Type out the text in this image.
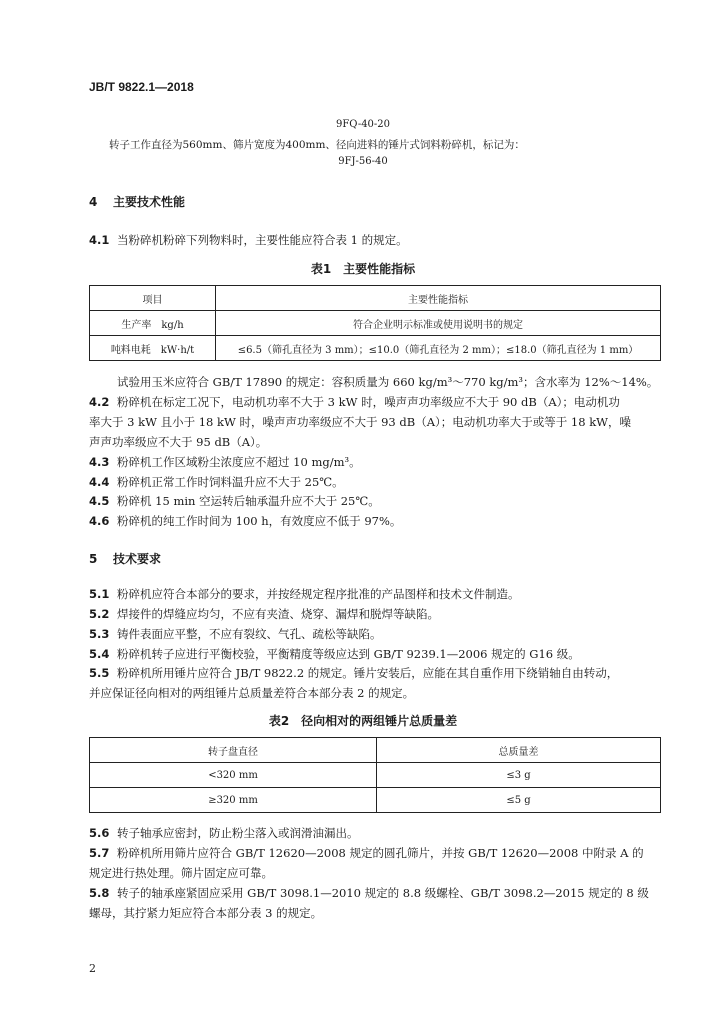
JB/T 9822.1—2018
9FQ-40-20
转子工作直径为560mm、筛片宽度为400mm、径向进料的锤片式饲料粉碎机，标记为：
9FJ-56-40
4 主要技术性能
4.1 当粉碎机粉碎下列物料时，主要性能应符合表 1 的规定。
表1　主要性能指标
项目	主要性能指标
生产率　kg/h	符合企业明示标准或使用说明书的规定
吨料电耗　kW·h/t	≤6.5（筛孔直径为 3 mm）；≤10.0（筛孔直径为 2 mm）；≤18.0（筛孔直径为 1 mm）
试验用玉米应符合 GB/T 17890 的规定：容积质量为 660 kg/m³～770 kg/m³；含水率为 12%～14%。
4.2 粉碎机在标定工况下，电动机功率不大于 3 kW 时，噪声声功率级应不大于 90 dB（A）；电动机功
率大于 3 kW 且小于 18 kW 时，噪声声功率级应不大于 93 dB（A）；电动机功率大于或等于 18 kW，噪
声声功率级应不大于 95 dB（A）。
4.3 粉碎机工作区域粉尘浓度应不超过 10 mg/m³。
4.4 粉碎机正常工作时饲料温升应不大于 25℃。
4.5 粉碎机 15 min 空运转后轴承温升应不大于 25℃。
4.6 粉碎机的纯工作时间为 100 h，有效度应不低于 97%。
5 技术要求
5.1 粉碎机应符合本部分的要求，并按经规定程序批准的产品图样和技术文件制造。
5.2 焊接件的焊缝应均匀，不应有夹渣、烧穿、漏焊和脱焊等缺陷。
5.3 铸件表面应平整，不应有裂纹、气孔、疏松等缺陷。
5.4 粉碎机转子应进行平衡校验，平衡精度等级应达到 GB/T 9239.1—2006 规定的 G16 级。
5.5 粉碎机所用锤片应符合 JB/T 9822.2 的规定。锤片安装后，应能在其自重作用下绕销轴自由转动，
并应保证径向相对的两组锤片总质量差符合本部分表 2 的规定。
表2　径向相对的两组锤片总质量差
转子盘直径	总质量差
<320 mm	≤3 g
≥320 mm	≤5 g
5.6 转子轴承应密封，防止粉尘落入或润滑油漏出。
5.7 粉碎机所用筛片应符合 GB/T 12620—2008 规定的圆孔筛片，并按 GB/T 12620—2008 中附录 A 的
规定进行热处理。筛片固定应可靠。
5.8 转子的轴承座紧固应采用 GB/T 3098.1—2010 规定的 8.8 级螺栓、GB/T 3098.2—2015 规定的 8 级
螺母，其拧紧力矩应符合本部分表 3 的规定。
2
